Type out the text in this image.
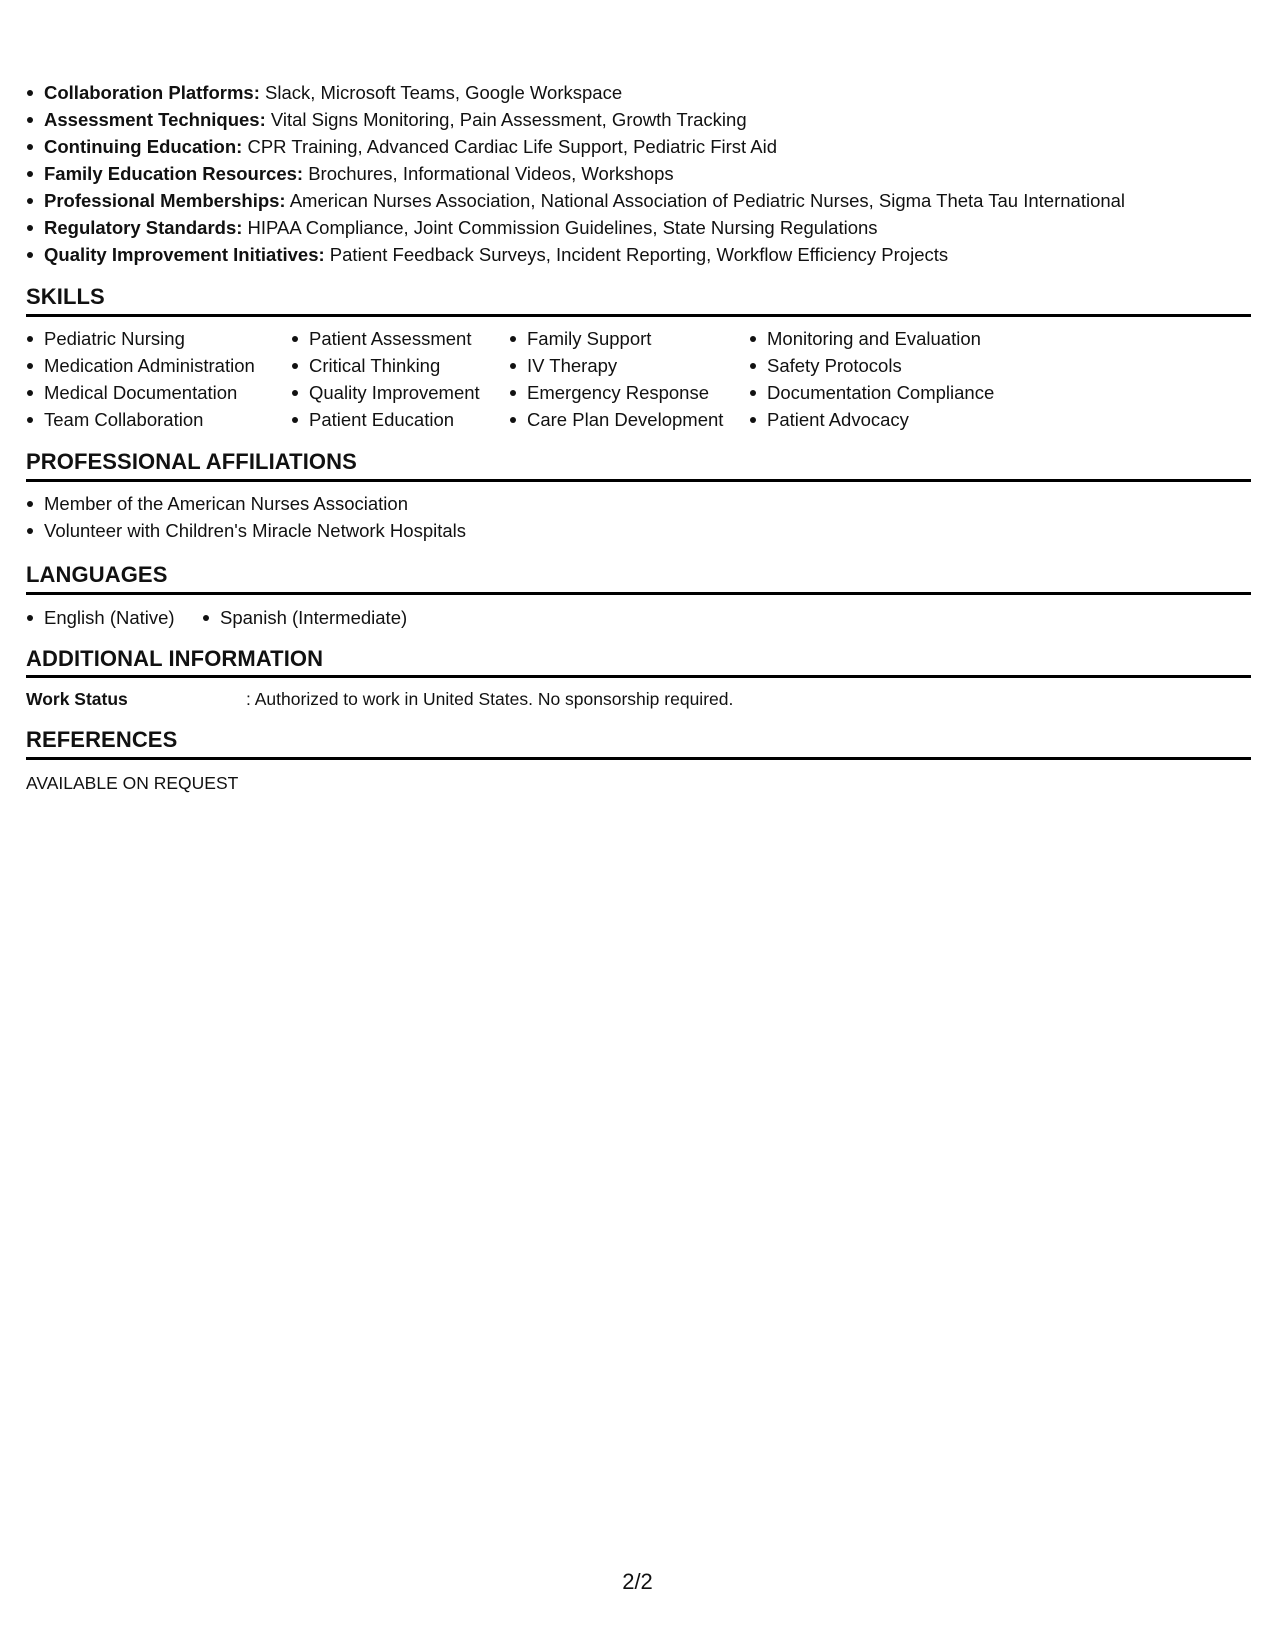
Collaboration Platforms: Slack, Microsoft Teams, Google Workspace
Assessment Techniques: Vital Signs Monitoring, Pain Assessment, Growth Tracking
Continuing Education: CPR Training, Advanced Cardiac Life Support, Pediatric First Aid
Family Education Resources: Brochures, Informational Videos, Workshops
Professional Memberships: American Nurses Association, National Association of Pediatric Nurses, Sigma Theta Tau International
Regulatory Standards: HIPAA Compliance, Joint Commission Guidelines, State Nursing Regulations
Quality Improvement Initiatives: Patient Feedback Surveys, Incident Reporting, Workflow Efficiency Projects
SKILLS
Pediatric Nursing
Medication Administration
Medical Documentation
Team Collaboration
Patient Assessment
Critical Thinking
Quality Improvement
Patient Education
Family Support
IV Therapy
Emergency Response
Care Plan Development
Monitoring and Evaluation
Safety Protocols
Documentation Compliance
Patient Advocacy
PROFESSIONAL AFFILIATIONS
Member of the American Nurses Association
Volunteer with Children's Miracle Network Hospitals
LANGUAGES
English (Native)	Spanish (Intermediate)
ADDITIONAL INFORMATION
Work Status	: Authorized to work in United States. No sponsorship required.
REFERENCES
AVAILABLE ON REQUEST
2/2
